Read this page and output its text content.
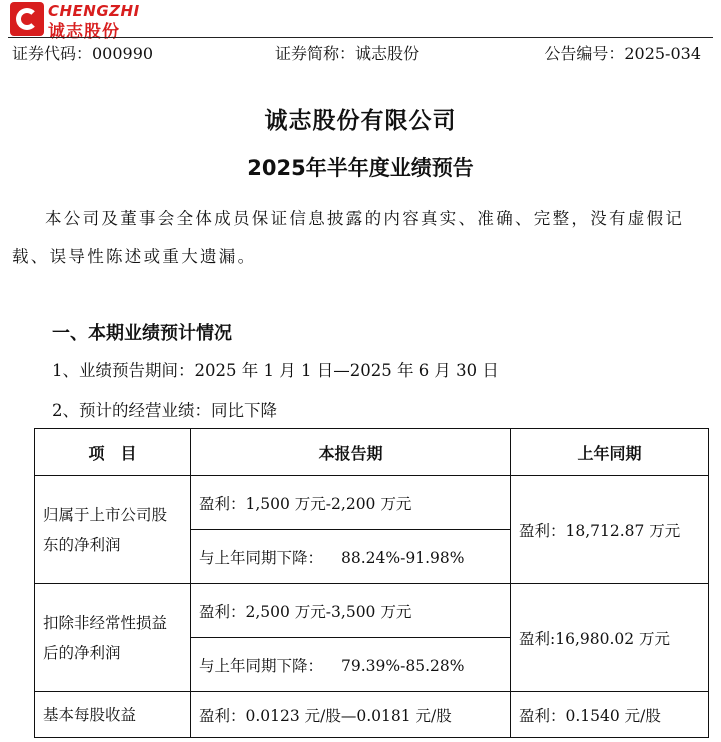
CHENGZHI
诚志股份
证券代码：000990	证券简称：诚志股份	公告编号：2025-034
诚志股份有限公司
2025年半年度业绩预告

本公司及董事会全体成员保证信息披露的内容真实、准确、完整，没有虚假记载、误导性陈述或重大遗漏。

一、本期业绩预计情况
1、业绩预告期间：2025 年 1 月 1 日—2025 年 6 月 30 日
2、预计的经营业绩：同比下降
项　目	本报告期	上年同期
归属于上市公司股东的净利润	盈利：1,500 万元-2,200 万元	盈利：18,712.87 万元
	与上年同期下降： 88.24%-91.98%	
扣除非经常性损益后的净利润	盈利：2,500 万元-3,500 万元	盈利:16,980.02 万元
	与上年同期下降： 79.39%-85.28%	
基本每股收益	盈利：0.0123 元/股—0.0181 元/股	盈利：0.1540 元/股
